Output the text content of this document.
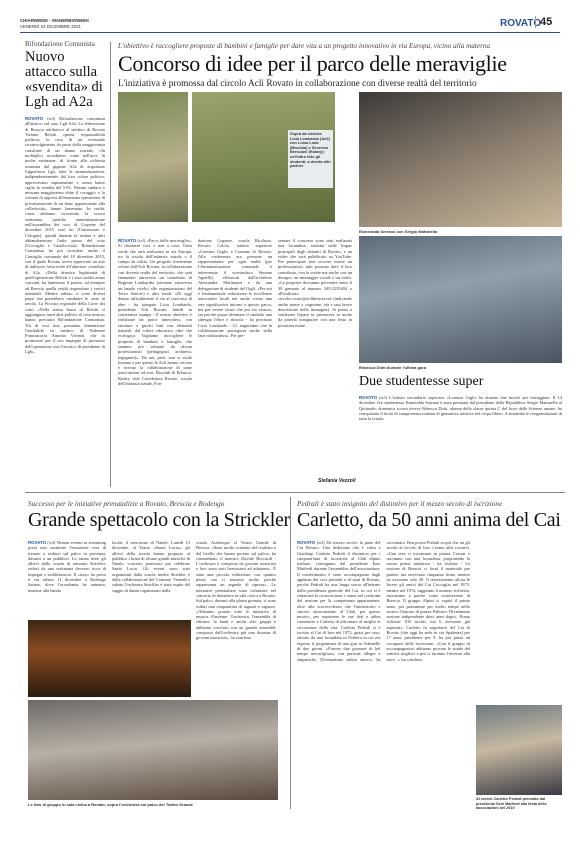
CHIARIWEEK - MANERBIOWEEK
VENERDÌ 24 DICEMBRE 2021	ROVATO
45
Rifondazione Comunista
Nuovo attacco sulla «svendita» di Lgh ad A2a
ROVATO (scl) Rifondazione comunista all'attacco sul caso Lgh-A2a. La federazione di Brescia attribuisce al sindaco di Rovato Tiziano Belotti «piena responsabilità politica» in caso di un eventuale ricoinvolgimento da parte della maggioranza consiliare di un danno erariale. «In molteplici ricordiamo come nell'arco di poche settimane, di fronte alla richiesta avanzata dal gigante A2a di acquistare l'appetitosa Lgh, tutte le amministrazioni, indipendentemente dal loro colore politico, approvavano supinamente e senza batter ciglio la vendita del 51%. Nessun sindaco e nessuna maggioranza ebbe il coraggio o la volontà di opporsi all'ennesima operazione di privatizzazione di un bene appartenente alla collettività», hanno lamentato. In realtà, come abbiamo ricostruito la scorsa settimana, qualche amministrazione nell'assemblea dei soci di Cogeme del dicembre 2015 votò no (Castrezzato e Cologne), quindi durante la seduta e altri abbandonarono l'aula prima del voto (Coccaglio e Castelcovati). Rifondazione Comunista ha poi ricordato anche il Consiglio comunale del 18 dicembre 2015, con il quale Rovato aveva approvato un atto di indirizzo favorevole all'ulteriore «vendita» di A2a. «Della drastica legittimità di quell'operazione Belotti e i suoi sodali erano convinti, ha lamentato il partito, ad esempio ad Brescia quella realtà rispondono i vertici aziendali. Mentre adesso ci sono diversi punti che potrebbero cambiare le carte in tavola. La Procura regionale della Corte dei conti «Nella stessa barca di Belotti si aggiungono tanti altri politici di casa nostra» hanno precisato Rifondazione Comunista. Tra di essi non possiamo dimenticare l'ineffabile ex sindaco di Padermo Franciacorta Antonio Vivenzi, che fu promotore per il suo impegno di promotor dell'operazione con l'incarico di presidente di Lgh».
L'obiettivo è raccogliere proposte di bambini e famiglie per dare vita a un progetto innovativo in via Europa, vicino alla materna
Concorso di idee per il parco delle meraviglie
L'iniziativa è promossa dal circolo Acli Rovato in collaborazione con diverse realtà del territorio
Sopra da sinistra Licia Lombardo (Acli) con Luisa Loda (Bisciola) e Severino Bresciani (Rotary): nell'altro foto gli studenti; a destra altri partner
ROVATO (scl) «Parco delle meraviglie». Si chiamerà così, e non a caso, l'area verde che sarà realizzata in via Europa, tra la scuola dell'infanzia statale e il campo da calcio. Un progetto fortemente voluto dall'Acli Rovato, in collaborazione con diverse realtà del territorio, che sarà finanziato attraverso un contributo di Regione Lombardia (ottenuto attraverso un bando rivolto alle organizzazioni del Terzo Settore) e altri fondi. «Di oggi diamo ufficialmente il via al concorso di idee - ha spiegato Licia Lombardo, presidente Acli Rovato, lunedì in conferenza stampa - Il nostro obiettivo è realizzare un parco innovativo, con strutture e giochi fatti con elementi naturali, dal valore educativo oltre che ecologico. Vogliamo raccogliere le proposte di bambini e famiglie, che saranno poi valutate da alcuni professionisti (pedagogisti, architetti, ingegneri)». Da noi, però, non si vuole lontano e per questo le Acli hanno cercato e trovato la collaborazione di tante associazioni ed enti: Ekoclub di Erbusco, Rotary club Cortefranca Rovato, scuola dell'infanzia statale, Fon-
dazione Cogeme, scuola Ricchino, Rovato Calcio, istituto superiore «Lorenzo Gigli» e Comune di Rovato. Alla conferenza era presente un rappresentante per ogni realtà (per l'Amministrazione comunale è intervenuto il vicesindaco Simone Agnelli), affiancati dall'architetto Alessandra Martinazzi e da una delegazione di studenti del Gigli. «Per noi è fondamentale valorizzare le eccellenze associative locali ma anche creare una rete significativa intorno a questo parco, ma per essere sicuri che poi sia vissuto, sia perché possa diventare il simbolo una sinergia felice e riuscita - ha precisato Licia Lombardo - Ci auguriamo che la collaborazione proseguirà anche nella fase realizzativa». Per pre-
sentare il concorso sono stati realizzati una locandina, tradotta nelle lingue principali degli abitanti di Rovato, e un video che sarà pubblicato su YouTube. Per partecipare non occorre essere un professionista: tutti possono dare il loro contributo, con le scritte ma anche con un disegno, un messaggio vocale o un video. «Le proposte dovranno pervenire entro il 30 gennaio al numero 349.2235404 o all'indirizzo circolo.rovato@aclibrescia.net (indicando anche nome e cognome, età e una breve descrizione delle immagini). Si punta a realizzare l'opera in primavera in modo da poterla inaugurare con una festa in prossima estate.
Stefania Vezzoli
Esmeralda Serranò con Sergio Mattarella
Rebecca Dotti durante l'ultima gara
Due studentesse super
ROVATO (scl) L'istituto secondario superiore «Lorenzo Gigli» ha almeno due motivi per festeggiare. Il 14 dicembre l'ex studentessa Esmeralda Serranò è stata premiata dal presidente della Repubblica Sergio Mattarella al Quirinale; domenica scorsa invece Rebecca Dotti, alunna della classe quinta C del liceo delle Scienze umane, ha conquistato il titolo di campionessa italiana di ginnastica artistica nel corpo libero. A entrambe le congratulazioni di tutta la scuola.
Successo per le iniziative prenatalizie a Rovato, Brescia e Rodengo
Grande spettacolo con la Strickler
ROVATO (scl) Nessun evento in streaming potrà mai sostituire l'emozione vera di tornare a esibirsi sul palco in presenza, davanti a un pubblico. Lo sanno bene gli allievi della scuola di armonia Strickler, reduci da una settimana davvero ricca di impegni e soddisfazioni. Il «tour» ha preso il via sabato 11 dicembre a Rodengo Saiano, dove l'accademia ha animato, insieme alla banda
locale, il mercatino di Natale. Lunedì 13 dicembre, al Teatro «Santa Lucia», gli allievi della scuola hanno proposto al pubblico i brani di alcune grandi musiche di Natale, concerto promosso per celebrare Santa Lucia. Gli eventi sono stati organizzati dalla scuola media Strickler e dalla collaborazione del Comune. Venerdì e sabato l'orchestra Strickler è stata ospite del saggio di danza organizzato dalla
scuola Arabesque al Teatro Grande di Brescia. «Sono molto contento del risultato e del livello che hanno portato sul palco» ha commentato il maestro Davide Boccardi - L'orchestra è composta da giovani musicisti e loro sono stati bravissimi ad adattarsi». È stata una piccola esibizione, con quattro pezzi, ma ci teniamo molto perché rappresenta un segnale di ripresa». Le iniziative prenatalizie sono culminate nel concerto di domenica in sala civica a Rovato. Sul palco, davanti alla platea gremita, si sono esibiti una cinquantina di ragazzi e ragazze. «Abbiamo portato tutte le iniziative di musica d'insieme: l'orchestra, l'ensemble di chitarre, la band e anche altri gruppi e abbiamo concluso con un grande ensemble composto dall'orchestra più una dozzina di giovani musicisti», ha concluso.
Le foto di gruppo in sala civica a Rovato; sopra l'orchestra sul palco del Teatro Grande
Pedrali è stato insignito del distintivo per il mezzo secolo di iscrizione
Carletto, da 50 anni anima del Cai
ROVATO (scl) Da mezzo secolo fa parte del Cai Rovato. Una dedizione che è valsa a Gianluigi Carletto Pedrali il distintivo per i cinquant'anni di iscrizione al Club alpino italiano, consegnato dal presidente Ezio Maifredi durante l'assemblea dell'associazione. Il conferimento è stato accompagnato dagli applausi dei soci presenti e di tanti di Rovato, perché Pedrali ha una lunga storia all'interno della presidenza generale del Cai, in cui si è rimarcata la riconoscenza e stima nel confronti del sezione per la competenza appartenente, oltre alla scorrevolezza che l'ininterrotto e sincero attaccamento al Club, per questo motivo, per esprimere le sue doti e abbia consentito a Carletto di affrontare al meglio le circostanze della vita. Carletto Pedrali si è iscritto al Cai di Iseo nel 1972, quasi per caso, attirato da una locandina in Farbera in cui era esposto il programma di una gita in Adamello di due giorni. «Furono due giornate di bel tempo meraviglioso, con persone allegre e simpatiche. Diventammo subito amici», ha raccontato. Ben presto Pedrali scoprì che tra gli iscritti al circolo di Iseo c'erano altri rovatesi. «Una sera ci trovammo in piazza Cavour e uscimmo con una locandina, proponendo la nostra prima iniziativa - ha rivelato - La sezione di Brescia ci fornì il materiale per partire, ma servivano cinquanta firme, mentre ne avevamo solo 30. Il tesseramento allora le fecero gli amici del Cai Coccaglio nel 1973, mentre nel 1974, raggiunto il numero richiesto, riuscimmo a partire come sottosezione di Brescia. Il gruppo Alpini ci ospitò il primo anno, poi passammo per molto tempo nello storico Oratorio di piazza Palestro. Divenimmo sezione indipendente dieci anni dopo». Erano richiesti 100 iscritti, ma li avevamo già superati». Carletto fu segretario del Cai di Rovato (che oggi ha sede in via Spalenza) per 17 anni, presidente per 9, ha poi passò ad occuparsi delle escursioni. «Con il gruppo di accompagnatori abbiamo provato le strade del sentieri migliori e più ci faranno l'inverno alla neve...» ha concluso.
Al centro Carletto Pedrali premiato dal presidente Ezio Maifredi alla festa delle associazioni del 2019
